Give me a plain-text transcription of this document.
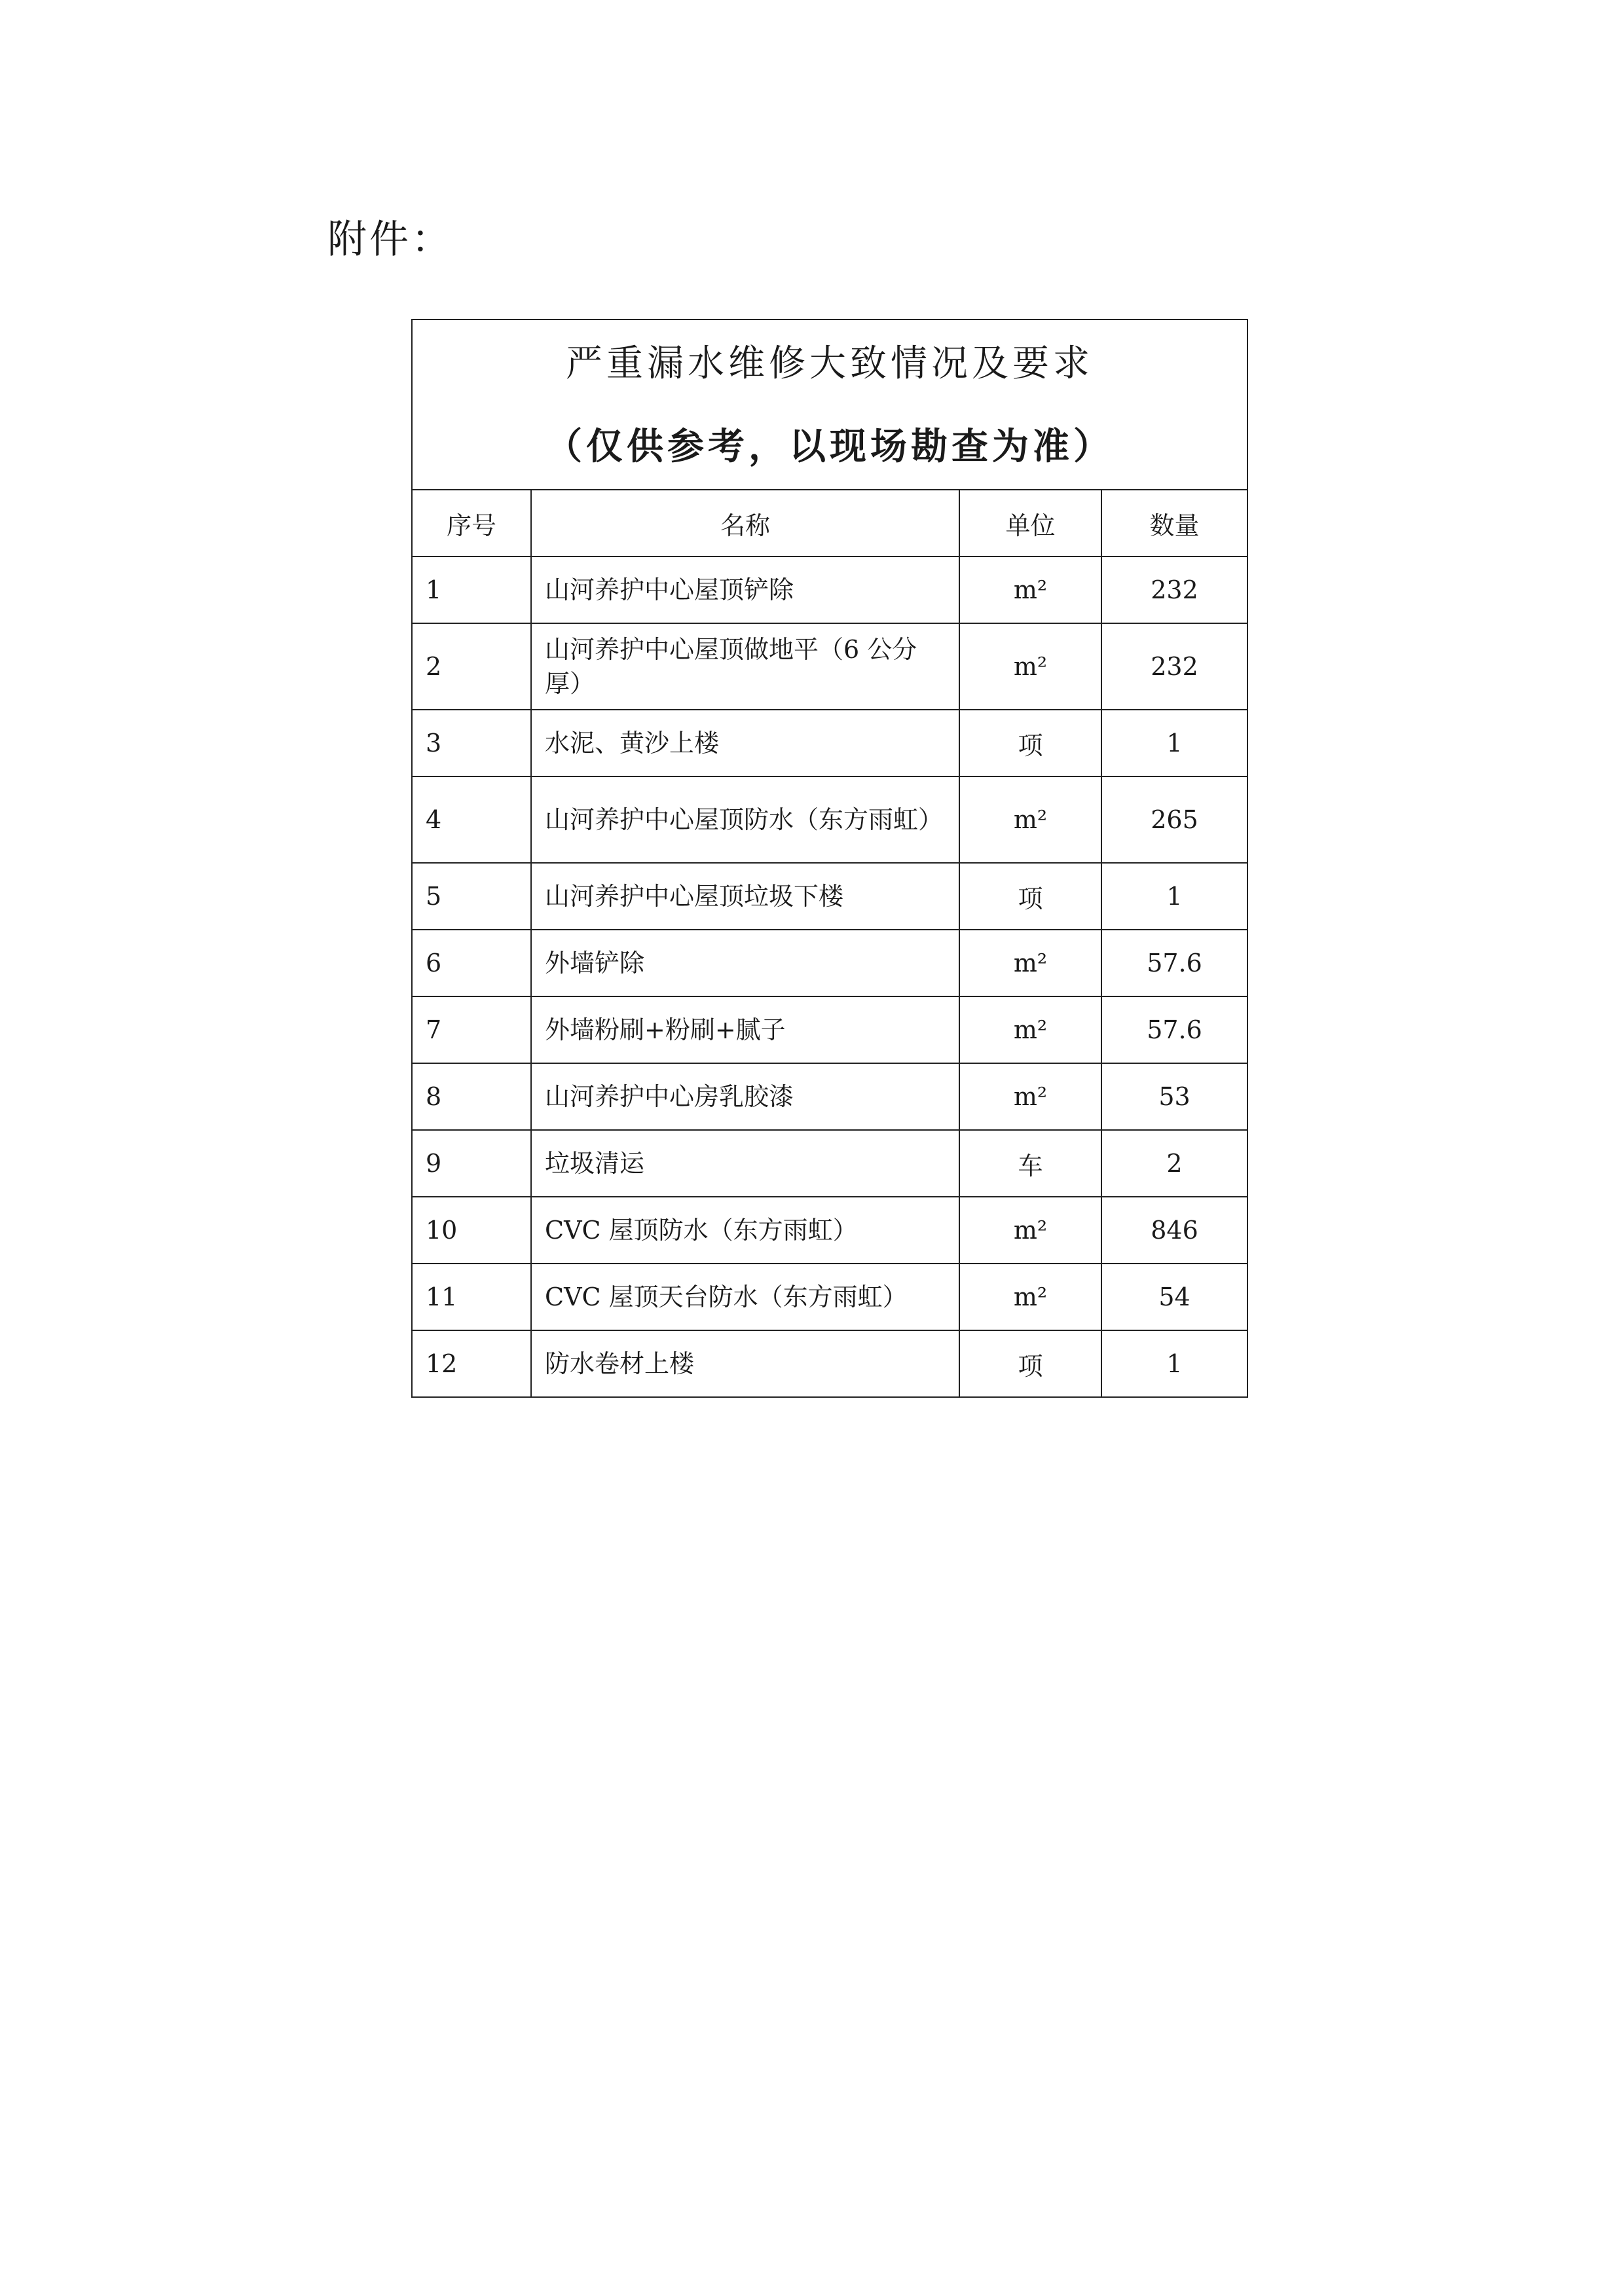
附件：
严重漏水维修大致情况及要求
（仅供参考，以现场勘查为准）			

序号	名称	单位	数量
1	山河养护中心屋顶铲除	m²	232
2	山河养护中心屋顶做地平（6 公分厚）	m²	232
3	水泥、黄沙上楼	项	1
4	山河养护中心屋顶防水（东方雨虹）	m²	265
5	山河养护中心屋顶垃圾下楼	项	1
6	外墙铲除	m²	57.6
7	外墙粉刷+粉刷+腻子	m²	57.6
8	山河养护中心房乳胶漆	m²	53
9	垃圾清运	车	2
10	CVC 屋顶防水（东方雨虹）	m²	846
11	CVC 屋顶天台防水（东方雨虹）	m²	54
12	防水卷材上楼	项	1
